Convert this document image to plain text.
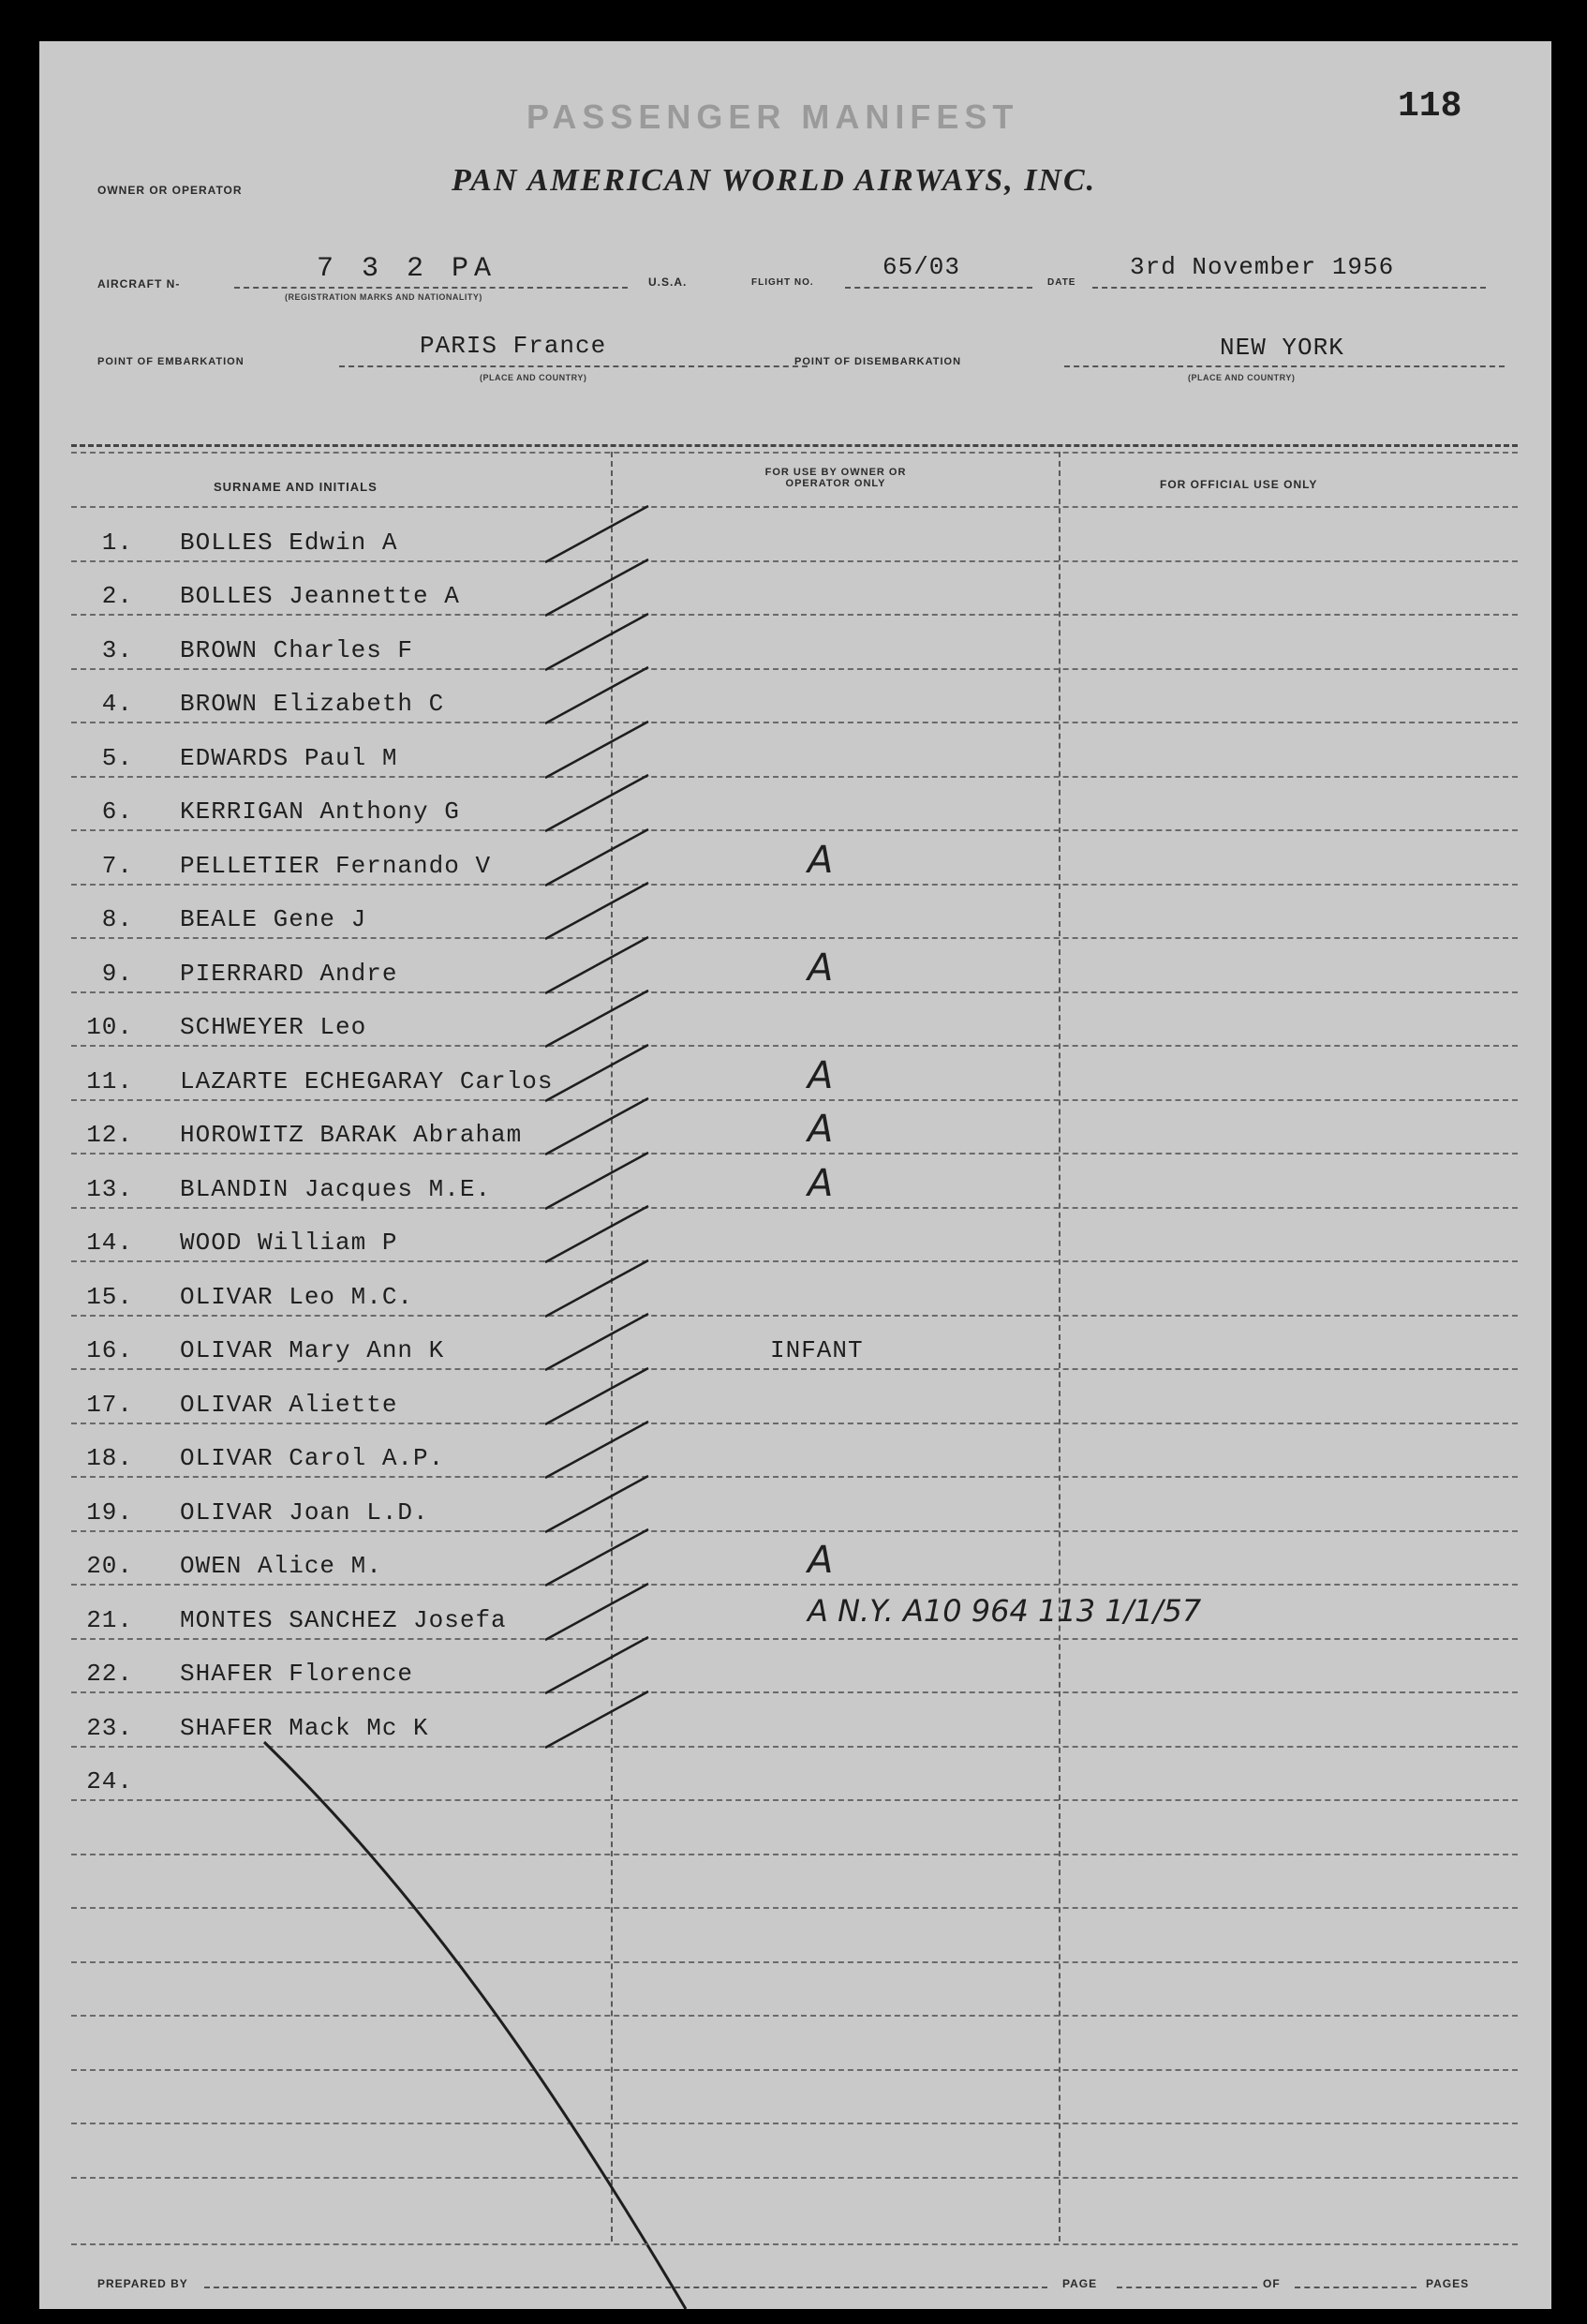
PASSENGER MANIFEST	118
OWNER OR OPERATOR	PAN AMERICAN WORLD AIRWAYS, INC.
AIRCRAFT N-	7 3 2 PA
(REGISTRATION MARKS AND NATIONALITY)
U.S.A.	FLIGHT NO.
65/03
DATE
3rd November 1956
POINT OF EMBARKATION
PARIS France
(PLACE AND COUNTRY)
POINT OF DISEMBARKATION	NEW YORK
(PLACE AND COUNTRY)
SURNAME AND INITIALS
FOR USE BY OWNER OR OPERATOR ONLY	FOR OFFICIAL USE ONLY
1. BOLLES Edwin A
2. BOLLES Jeannette A
3. BROWN Charles F
4. BROWN Elizabeth C
5. EDWARDS Paul M
6. KERRIGAN Anthony G
7. PELLETIER Fernando V	A
8. BEALE Gene J
9. PIERRARD Andre	A
10. SCHWEYER Leo
11. LAZARTE ECHEGARAY Carlos	A
12. HOROWITZ BARAK Abraham	A
13. BLANDIN Jacques M.E.	A
14. WOOD William P
15. OLIVAR Leo M.C.
16. OLIVAR Mary Ann K	INFANT
17. OLIVAR Aliette
18. OLIVAR Carol A.P.
19. OLIVAR Joan L.D.
20. OWEN Alice M.	A
21. MONTES SANCHEZ Josefa	A N.Y. A10 964 113 1/1/57
22. SHAFER Florence
23. SHAFER Mack Mc K
24.
PREPARED BY	PAGE	OF	PAGES
